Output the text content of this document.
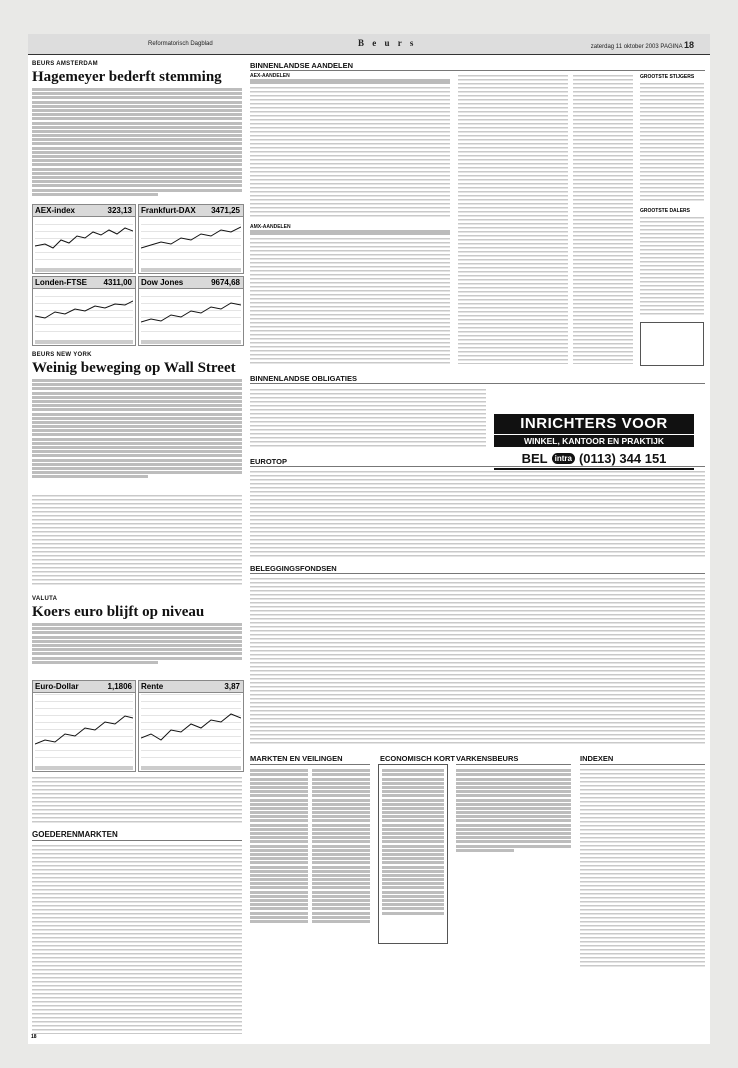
Reformatorisch Dagblad	B e u r s	zaterdag 11 oktober 2003 PAGINA 18
BEURS AMSTERDAM
Hagemeyer bederft stemming
AEX-index	323,13 Frankfurt-DAX 3471,25
Londen-FTSE 4311,00 Dow Jones	9674,68
BEURS NEW YORK
Weinig beweging op Wall Street
VALUTA
Koers euro blijft op niveau
Euro-Dollar	1,1806 Rente	3,87
GOEDERENMARKTEN
BINNENLANDSE AANDELEN
AEX-AANDELEN
AMX-AANDELEN
GROOTSTE STIJGERS
GROOTSTE DALERS
BINNENLANDSE OBLIGATIES
INRICHTERS VOOR
WINKEL, KANTOOR EN PRAKTIJK
BEL intra (0113) 344 151
EUROTOP
BELEGGINGSFONDSEN
MARKTEN EN VEILINGEN	ECONOMISCH KORT VARKENSBEURS	INDEXEN
18
